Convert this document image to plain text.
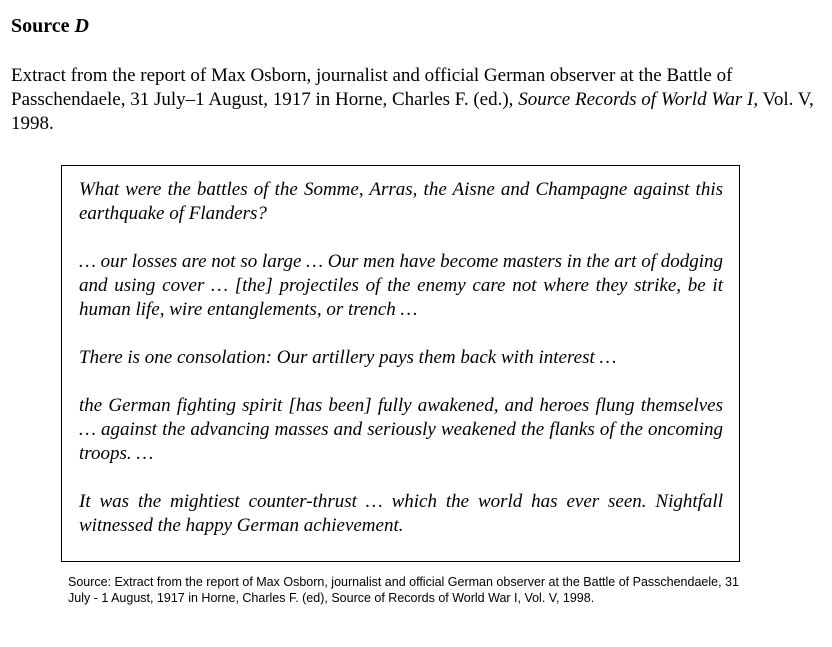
Source D

Extract from the report of Max Osborn, journalist and official German observer at the Battle of Passchendaele, 31 July–1 August, 1917 in Horne, Charles F. (ed.), Source Records of World War I, Vol. V, 1998.

What were the battles of the Somme, Arras, the Aisne and Champagne against this earthquake of Flanders?

… our losses are not so large … Our men have become masters in the art of dodging and using cover … [the] projectiles of the enemy care not where they strike, be it human life, wire entanglements, or trench …

There is one consolation: Our artillery pays them back with interest …

the German fighting spirit [has been] fully awakened, and heroes flung themselves … against the advancing masses and seriously weakened the flanks of the oncoming troops. …

It was the mightiest counter-thrust … which the world has ever seen. Nightfall witnessed the happy German achievement.

Source: Extract from the report of Max Osborn, journalist and official German observer at the Battle of Passchendaele, 31 July - 1 August, 1917 in Horne, Charles F. (ed), Source of Records of World War I, Vol. V, 1998.
